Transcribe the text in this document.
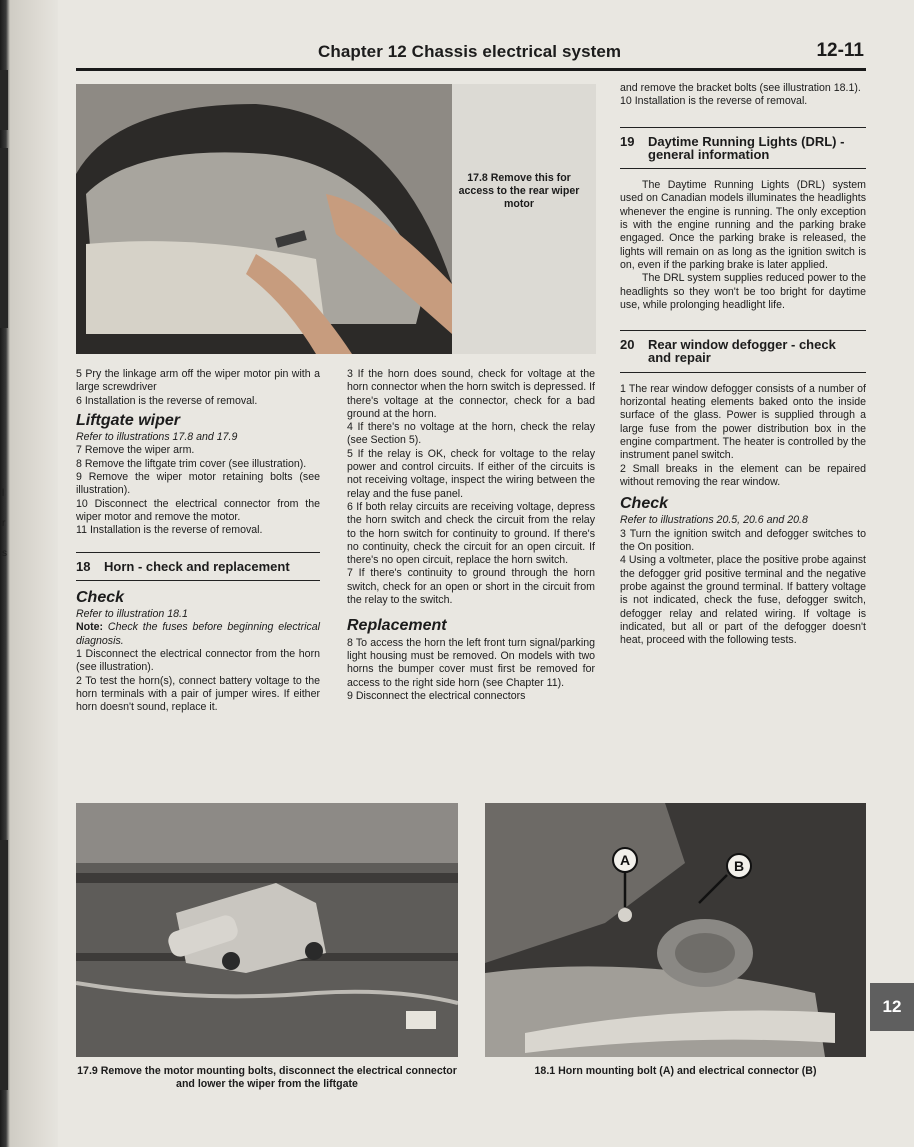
l
r
s
Chapter 12 Chassis electrical system	12-11
17.8 Remove this for access to the rear wiper motor

5 Pry the linkage arm off the wiper motor pin with a large screwdriver

6 Installation is the reverse of removal.

Liftgate wiper

Refer to illustrations 17.8 and 17.9

7 Remove the wiper arm.

8 Remove the liftgate trim cover (see illustration).

9 Remove the wiper motor retaining bolts (see illustration).

10 Disconnect the electrical connector from the wiper motor and remove the motor.

11 Installation is the reverse of removal.

18 Horn - check and replacement
Check

Refer to illustration 18.1

Note: Check the fuses before beginning electrical diagnosis.

1 Disconnect the electrical connector from the horn (see illustration).

2 To test the horn(s), connect battery voltage to the horn terminals with a pair of jumper wires. If either horn doesn't sound, replace it.

3 If the horn does sound, check for voltage at the horn connector when the horn switch is depressed. If there's voltage at the connector, check for a bad ground at the horn.

4 If there's no voltage at the horn, check the relay (see Section 5).

5 If the relay is OK, check for voltage to the relay power and control circuits. If either of the circuits is not receiving voltage, inspect the wiring between the relay and the fuse panel.

6 If both relay circuits are receiving voltage, depress the horn switch and check the circuit from the relay to the horn switch for continuity to ground. If there's no continuity, check the circuit for an open circuit. If there's no open circuit, replace the horn switch.

7 If there's continuity to ground through the horn switch, check for an open or short in the circuit from the relay to the switch.

Replacement

8 To access the horn the left front turn signal/parking light housing must be removed. On models with two horns the bumper cover must first be removed for access to the right side horn (see Chapter 11).

9 Disconnect the electrical connectors

and remove the bracket bolts (see illustration 18.1).

10 Installation is the reverse of removal.

19 Daytime Running Lights (DRL) - general information

The Daytime Running Lights (DRL) system used on Canadian models illuminates the headlights whenever the engine is running. The only exception is with the engine running and the parking brake engaged. Once the parking brake is released, the lights will remain on as long as the ignition switch is on, even if the parking brake is later applied.

The DRL system supplies reduced power to the headlights so they won't be too bright for daytime use, while prolonging headlight life.

20 Rear window defogger - check and repair

1 The rear window defogger consists of a number of horizontal heating elements baked onto the inside surface of the glass. Power is supplied through a large fuse from the power distribution box in the engine compartment. The heater is controlled by the instrument panel switch.

2 Small breaks in the element can be repaired without removing the rear window.

Check

Refer to illustrations 20.5, 20.6 and 20.8

3 Turn the ignition switch and defogger switches to the On position.

4 Using a voltmeter, place the positive probe against the defogger grid positive terminal and the negative probe against the ground terminal. If battery voltage is not indicated, check the fuse, defogger switch, defogger relay and related wiring. If voltage is indicated, but all or part of the defogger doesn't heat, proceed with the following tests.

17.9 Remove the motor mounting bolts, disconnect the electrical connector and lower the wiper from the liftgate
A	B
18.1 Horn mounting bolt (A) and electrical connector (B)
12
